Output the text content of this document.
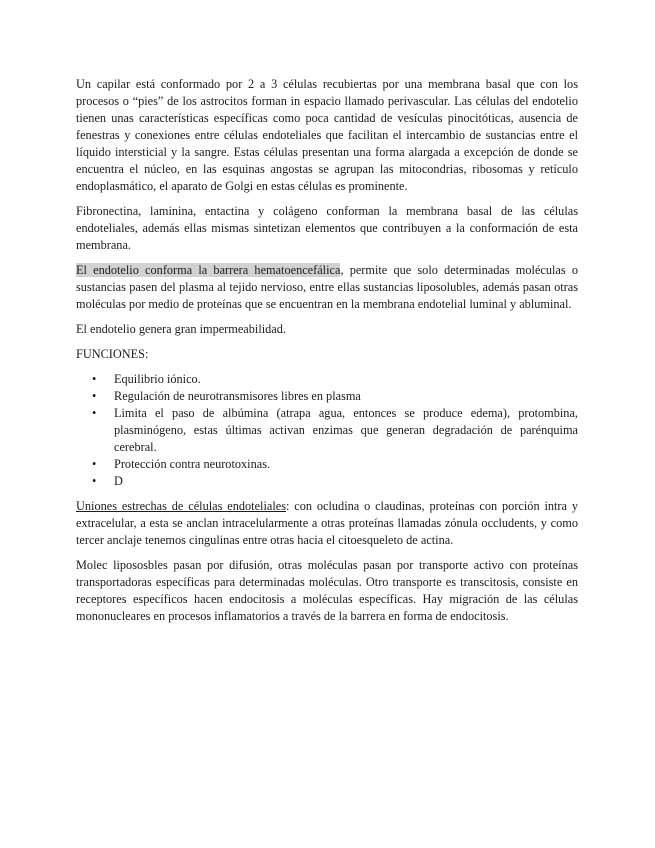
Un capilar está conformado por 2 a 3 células recubiertas por una membrana basal que con los procesos o “pies” de los astrocitos forman in espacio llamado perivascular. Las células del endotelio tienen unas características específicas como poca cantidad de vesículas pinocitóticas, ausencia de fenestras y conexiones entre células endoteliales que facilitan el intercambio de sustancias entre el líquido intersticial y la sangre. Estas células presentan una forma alargada a excepción de donde se encuentra el núcleo, en las esquinas angostas se agrupan las mitocondrias, ribosomas y retículo endoplasmático, el aparato de Golgi en estas células es prominente.

Fibronectina, laminina, entactina y colágeno conforman la membrana basal de las células endoteliales, además ellas mismas sintetizan elementos que contribuyen a la conformación de esta membrana.

El endotelio conforma la barrera hematoencefálica, permite que solo determinadas moléculas o sustancias pasen del plasma al tejido nervioso, entre ellas sustancias liposolubles, además pasan otras moléculas por medio de proteínas que se encuentran en la membrana endotelial luminal y abluminal.

El endotelio genera gran impermeabilidad.

FUNCIONES:

• Equilibrio iónico.
• Regulación de neurotransmisores libres en plasma
• Limita el paso de albúmina (atrapa agua, entonces se produce edema), protombina, plasminógeno, estas últimas activan enzimas que generan degradación de parénquima cerebral.
• Protección contra neurotoxinas.
• D

Uniones estrechas de células endoteliales: con ocludina o claudinas, proteínas con porción intra y extracelular, a esta se anclan intracelularmente a otras proteínas llamadas zónula occludents, y como tercer anclaje tenemos cingulinas entre otras hacia el citoesqueleto de actina.

Molec lipososbles pasan por difusión, otras moléculas pasan por transporte activo con proteínas transportadoras específicas para determinadas moléculas. Otro transporte es transcitosis, consiste en receptores específicos hacen endocitosis a moléculas específicas. Hay migración de las células mononucleares en procesos inflamatorios a través de la barrera en forma de endocitosis.
